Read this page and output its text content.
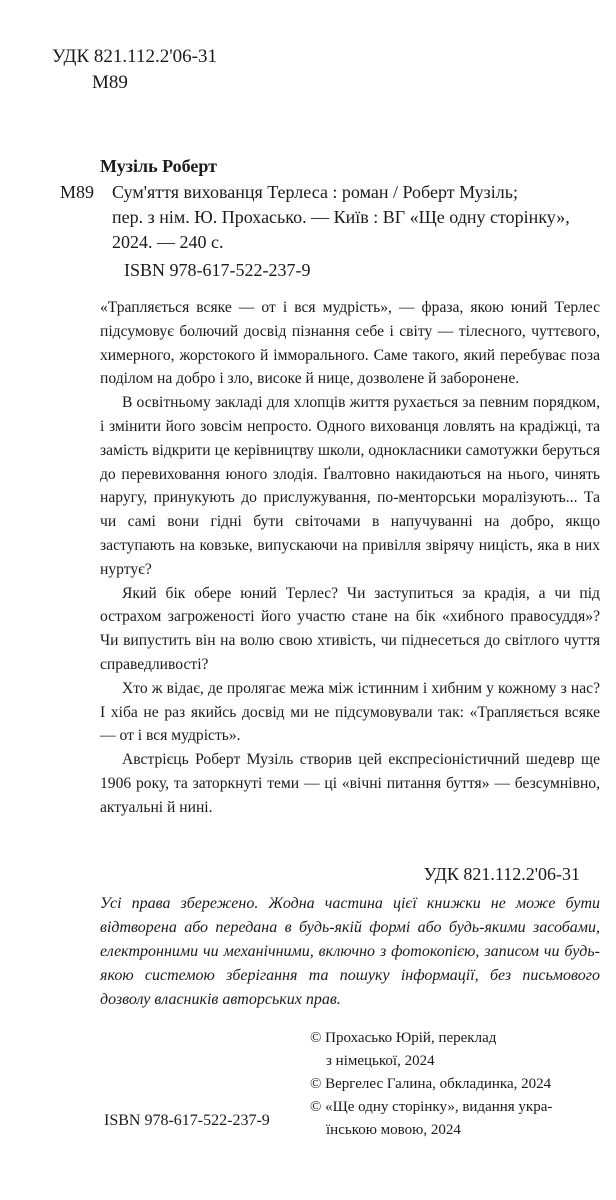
УДК 821.112.2'06-31
М89
Музіль Роберт
М89 Сум'яття вихованця Терлеса : роман / Роберт Музіль;
пер. з нім. Ю. Прохасько. — Київ : ВГ «Ще одну сторінку»,
2024. — 240 с.
ISBN 978-617-522-237-9

«Трапляється всяке — от і вся мудрість», — фраза, якою юний Терлес підсумовує болючий досвід пізнання себе і світу — тілесного, чуттєвого, химерного, жорстокого й імморального. Саме такого, який перебуває поза поділом на добро і зло, високе й нице, дозволене й заборонене.

В освітньому закладі для хлопців життя рухається за певним порядком, і змінити його зовсім непросто. Одного вихованця ловлять на крадіжці, та замість відкрити це керівництву школи, однокласники самотужки беруться до перевиховання юного злодія. Ґвалтовно накидаються на нього, чинять наругу, принукують до прислужування, по-менторськи моралізують... Та чи самі вони гідні бути світочами в напучуванні на добро, якщо заступають на ковзьке, випускаючи на привілля звірячу ницість, яка в них нуртує?

Який бік обере юний Терлес? Чи заступиться за крадія, а чи під острахом загроженості його участю стане на бік «хибного правосуддя»? Чи випустить він на волю свою хтивість, чи піднесеться до світлого чуття справедливості?

Хто ж відає, де пролягає межа між істинним і хибним у кожному з нас? І хіба не раз якийсь досвід ми не підсумовували так: «Трапляється всяке — от і вся мудрість».

Австрієць Роберт Музіль створив цей експресіоністичний шедевр ще 1906 року, та заторкнуті теми — ці «вічні питання буття» — безсумнівно, актуальні й нині.

УДК 821.112.2'06-31
Усі права збережено. Жодна частина цієї книжки не може бути відтворена або передана в будь-якій формі або будь-якими засобами, електронними чи механічними, включно з фотокопією, записом чи будь-якою системою зберігання та пошуку інформації, без письмового дозволу власників авторських прав.
© Прохасько Юрій, переклад
з німецької, 2024
© Вергелес Галина, обкладинка, 2024
© «Ще одну сторінку», видання укра-
їнською мовою, 2024
ISBN 978-617-522-237-9
